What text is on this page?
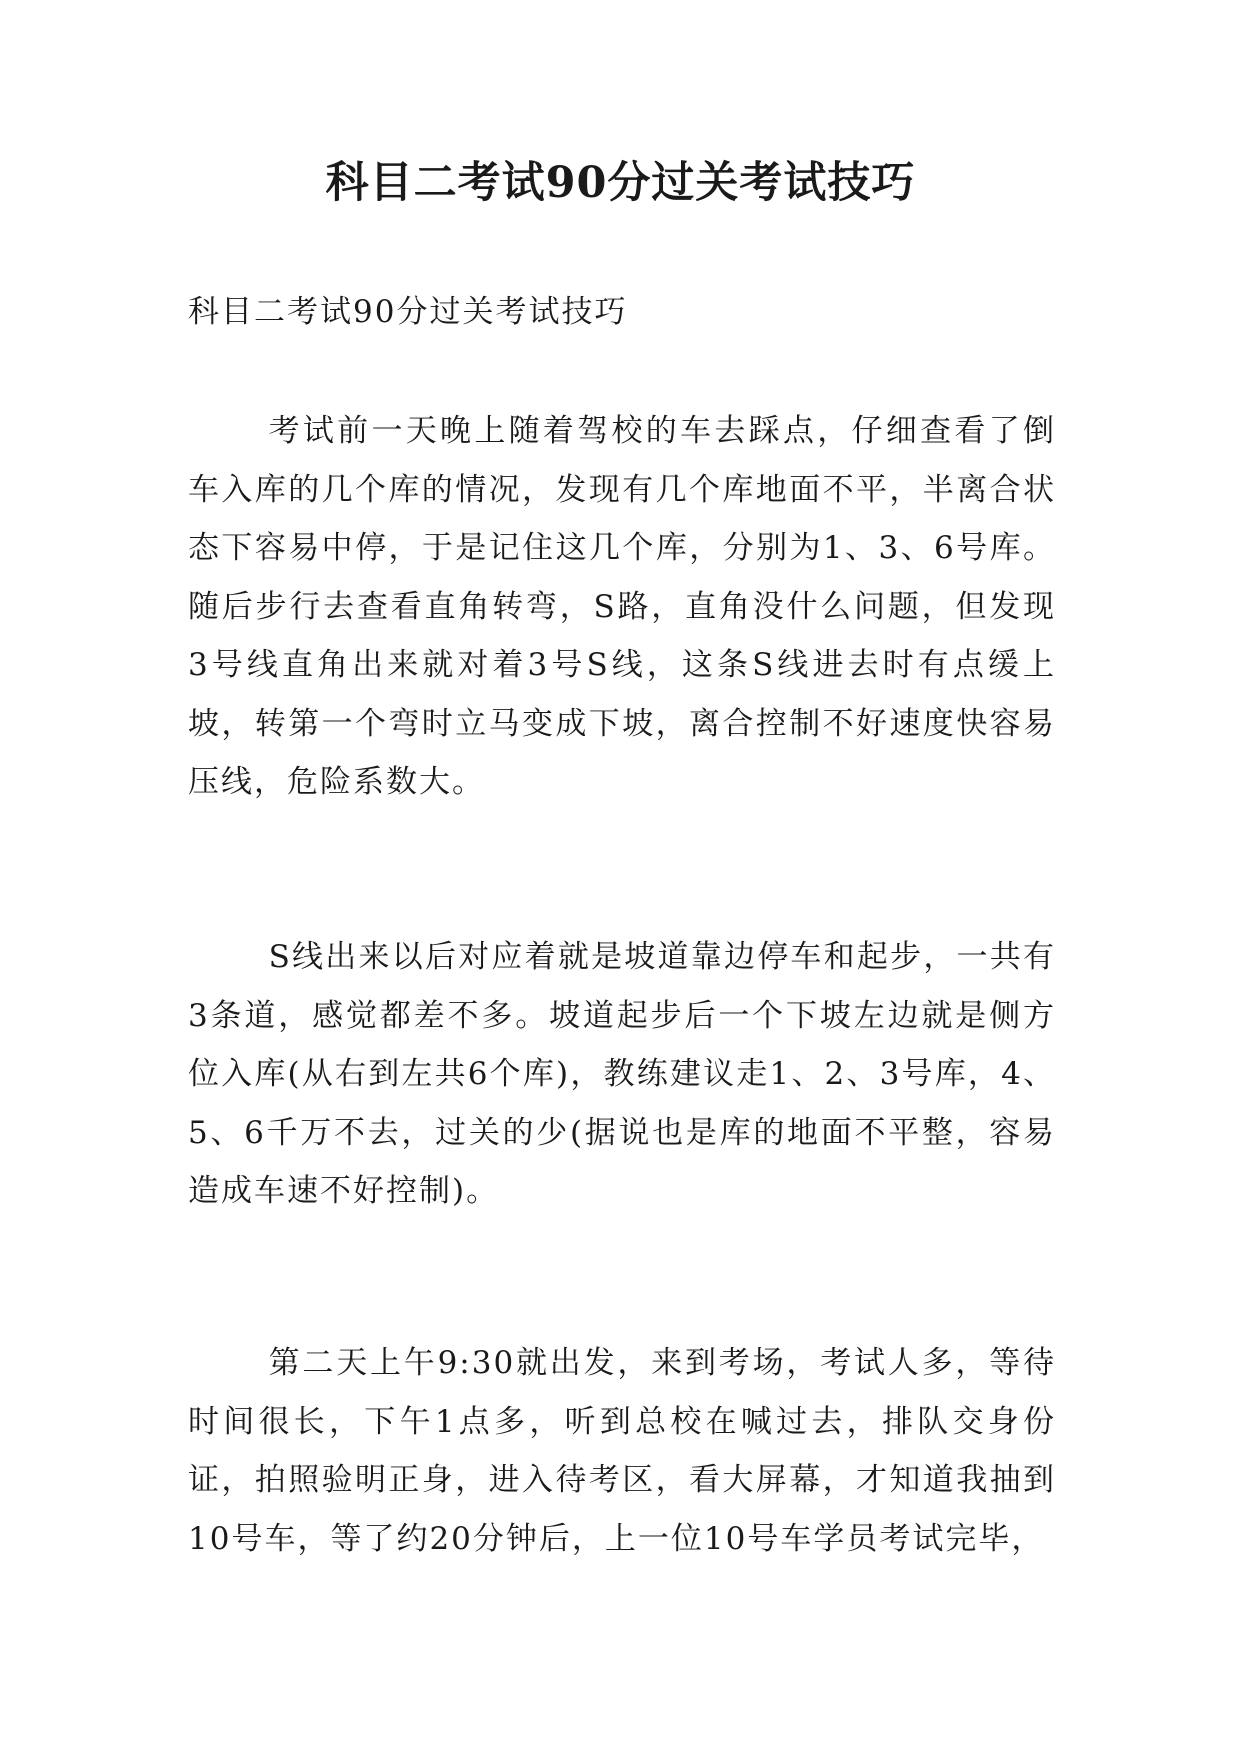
科目二考试90分过关考试技巧

科目二考试90分过关考试技巧

考试前一天晚上随着驾校的车去踩点，仔细查看了倒车入库的几个库的情况，发现有几个库地面不平，半离合状态下容易中停，于是记住这几个库，分别为1、3、6号库。随后步行去查看直角转弯，S路，直角没什么问题，但发现3号线直角出来就对着3号S线，这条S线进去时有点缓上坡，转第一个弯时立马变成下坡，离合控制不好速度快容易压线，危险系数大。

S线出来以后对应着就是坡道靠边停车和起步，一共有3条道，感觉都差不多。坡道起步后一个下坡左边就是侧方位入库(从右到左共6个库)，教练建议走1、2、3号库，4、5、6千万不去，过关的少(据说也是库的地面不平整，容易造成车速不好控制)。

第二天上午9:30就出发，来到考场，考试人多，等待时间很长，下午1点多，听到总校在喊过去，排队交身份证，拍照验明正身，进入待考区，看大屏幕，才知道我抽到10号车，等了约20分钟后，上一位10号车学员考试完毕，
